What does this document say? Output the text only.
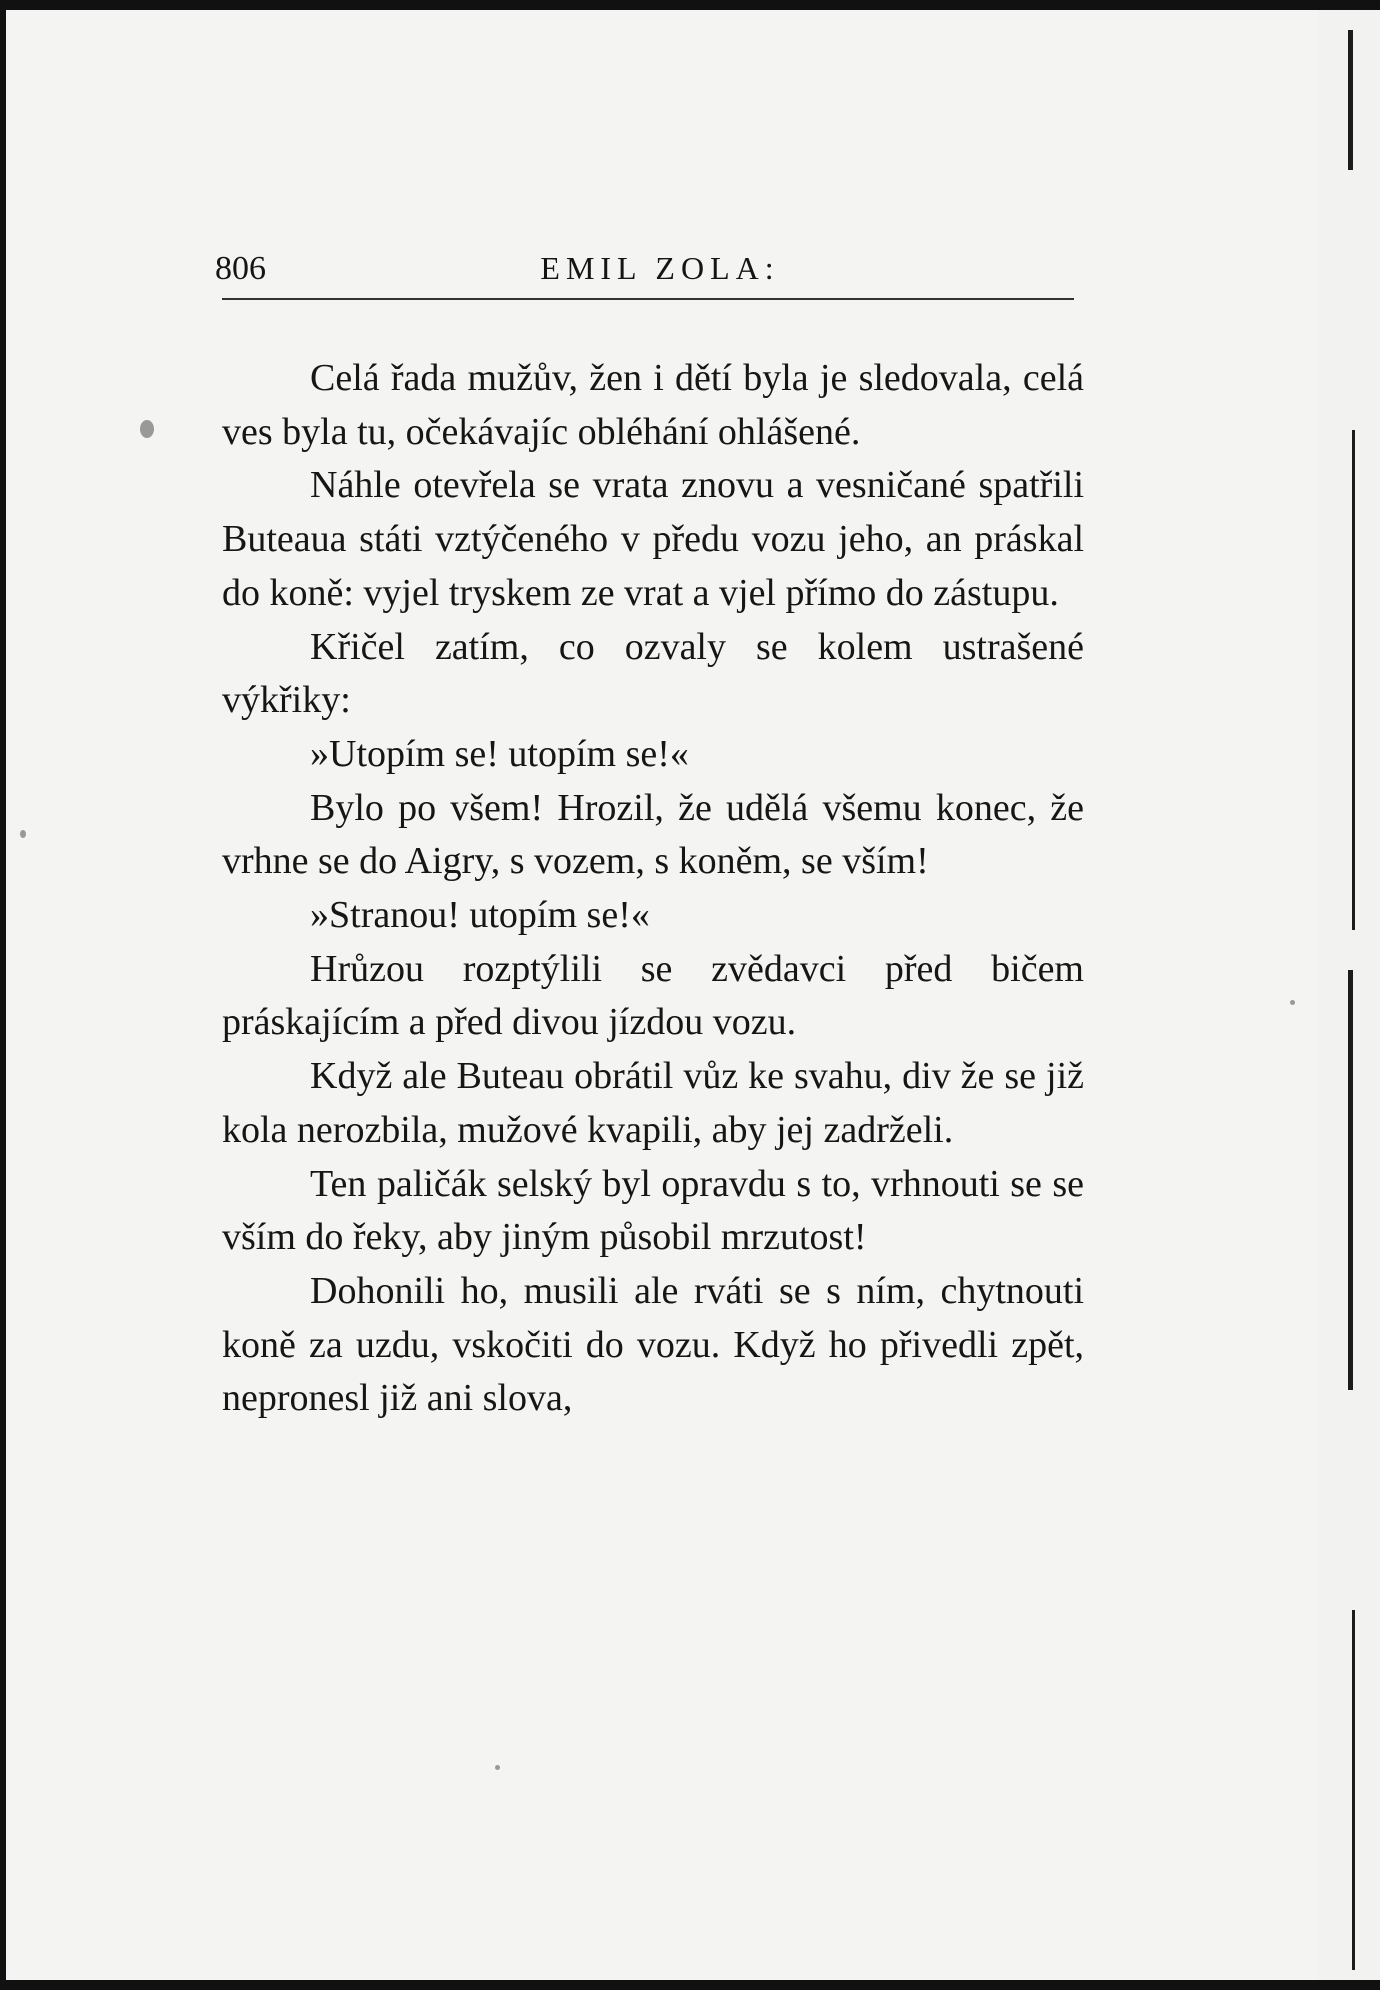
806	EMIL ZOLA:

Celá řada mužův, žen i dětí byla je sledovala, celá ves byla tu, očekávajíc obléhání ohlášené.

Náhle otevřela se vrata znovu a vesničané spatřili Buteaua státi vztýčeného v předu vozu jeho, an práskal do koně: vyjel tryskem ze vrat a vjel přímo do zástupu.

Křičel zatím, co ozvaly se kolem ustrašené výkřiky:

»Utopím se! utopím se!«

Bylo po všem! Hrozil, že udělá všemu konec, že vrhne se do Aigry, s vozem, s koněm, se vším!

»Stranou! utopím se!«

Hrůzou rozptýlili se zvědavci před bičem práskajícím a před divou jízdou vozu.

Když ale Buteau obrátil vůz ke svahu, div že se již kola nerozbila, mužové kvapili, aby jej zadrželi.

Ten paličák selský byl opravdu s to, vrhnouti se se vším do řeky, aby jiným působil mrzutost!

Dohonili ho, musili ale rváti se s ním, chytnouti koně za uzdu, vskočiti do vozu. Když ho přivedli zpět, nepronesl již ani slova,
